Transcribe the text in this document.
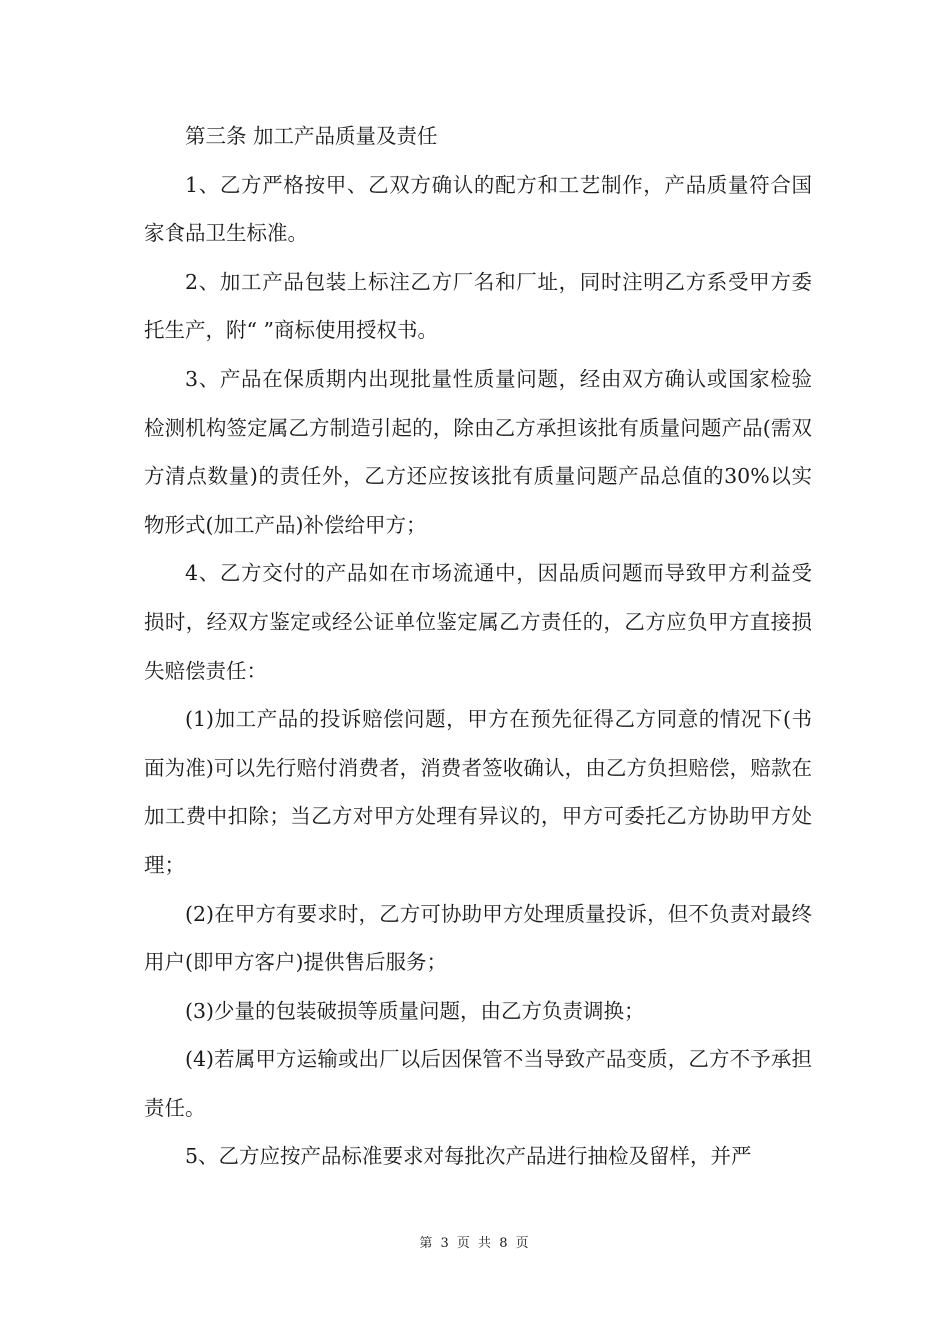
第三条 加工产品质量及责任

1、乙方严格按甲、乙双方确认的配方和工艺制作，产品质量符合国家食品卫生标准。

2、加工产品包装上标注乙方厂名和厂址，同时注明乙方系受甲方委托生产，附“ ”商标使用授权书。

3、产品在保质期内出现批量性质量问题，经由双方确认或国家检验检测机构签定属乙方制造引起的，除由乙方承担该批有质量问题产品(需双方清点数量)的责任外，乙方还应按该批有质量问题产品总值的30%以实物形式(加工产品)补偿给甲方；

4、乙方交付的产品如在市场流通中，因品质问题而导致甲方利益受损时，经双方鉴定或经公证单位鉴定属乙方责任的，乙方应负甲方直接损失赔偿责任：

(1)加工产品的投诉赔偿问题，甲方在预先征得乙方同意的情况下(书面为准)可以先行赔付消费者，消费者签收确认，由乙方负担赔偿，赔款在加工费中扣除；当乙方对甲方处理有异议的，甲方可委托乙方协助甲方处理；

(2)在甲方有要求时，乙方可协助甲方处理质量投诉，但不负责对最终用户(即甲方客户)提供售后服务；

(3)少量的包装破损等质量问题，由乙方负责调换；

(4)若属甲方运输或出厂以后因保管不当导致产品变质，乙方不予承担责任。

5、乙方应按产品标准要求对每批次产品进行抽检及留样，并严

第 3 页 共 8 页
